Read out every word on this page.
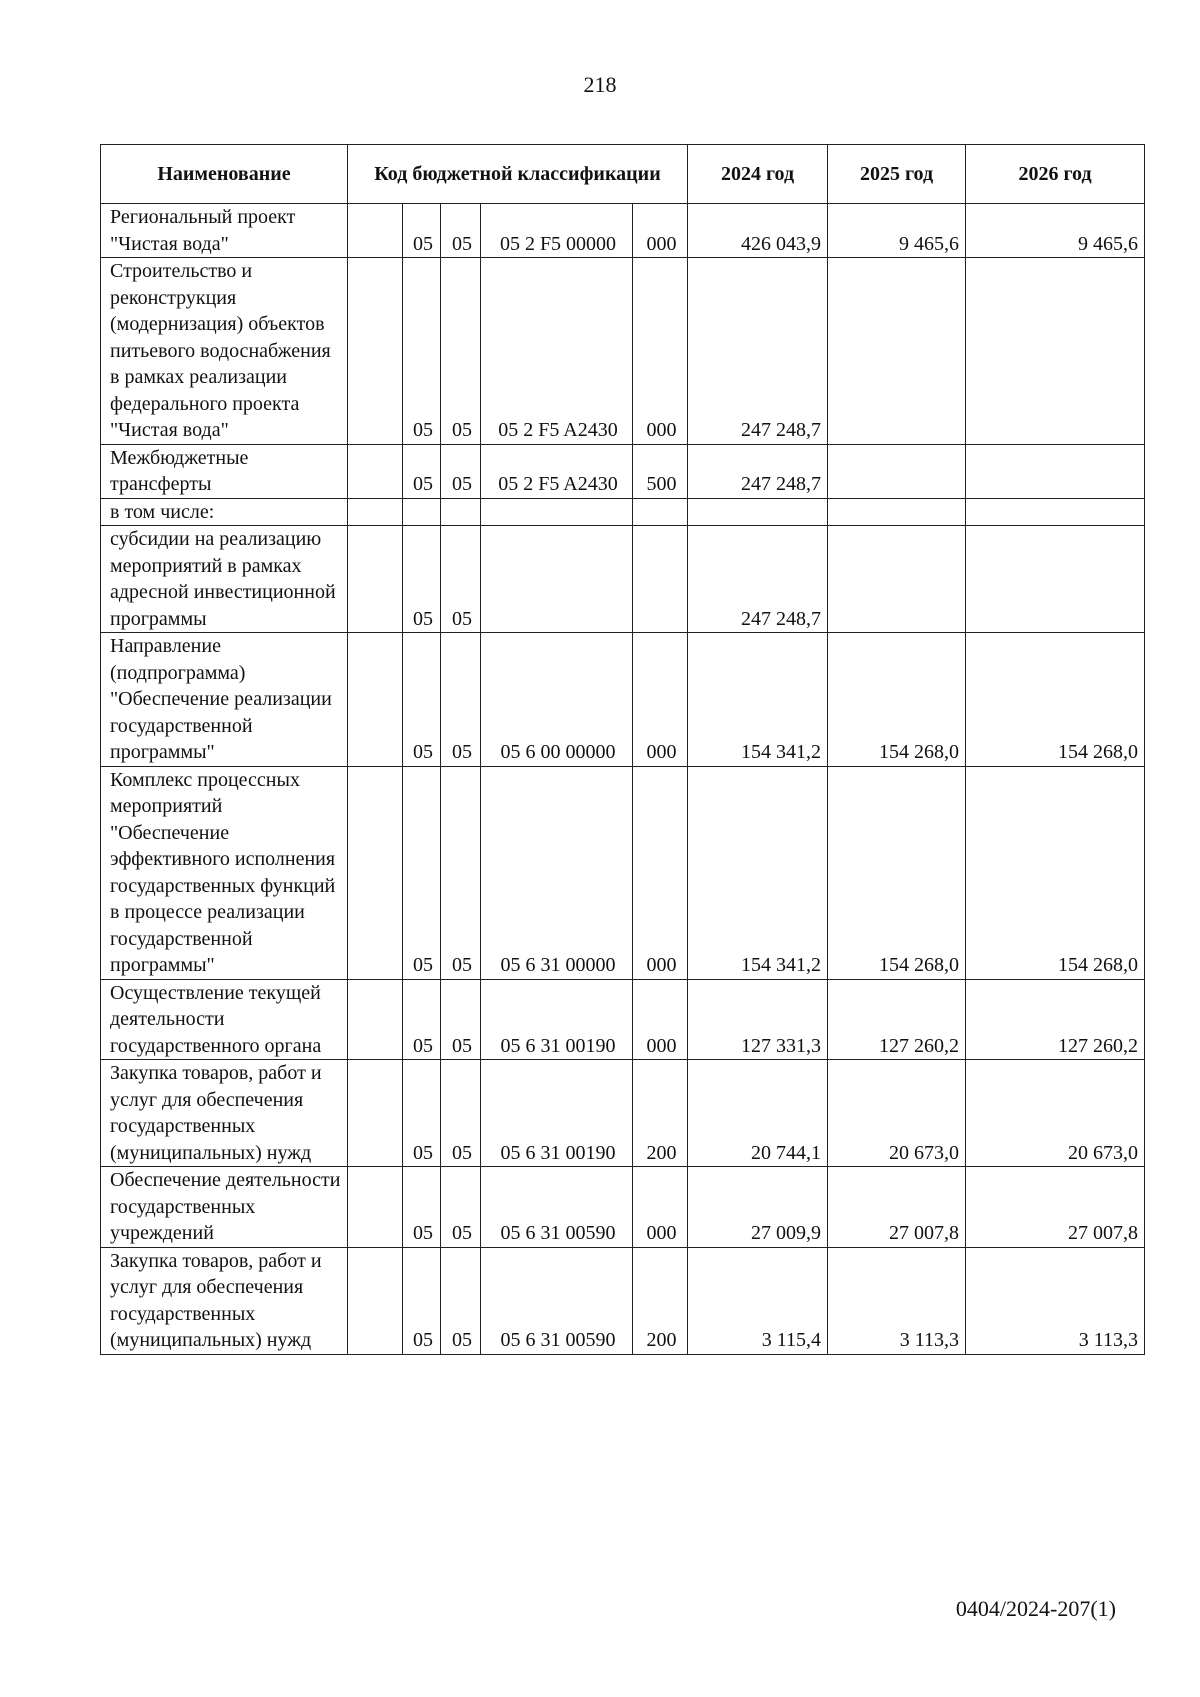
218
Наименование	Код бюджетной классификации					2024 год	2025 год	2026 год
Региональный проект "Чистая вода"		05	05	05 2 F5 00000	000	426 043,9	9 465,6	9 465,6
Строительство и реконструкция (модернизация) объектов питьевого водоснабжения в рамках реализации федерального проекта "Чистая вода"		05	05	05 2 F5 A2430	000	247 248,7		
Межбюджетные трансферты		05	05	05 2 F5 A2430	500	247 248,7		
в том числе:								
субсидии на реализацию мероприятий в рамках адресной инвестиционной программы		05	05			247 248,7		
Направление (подпрограмма) "Обеспечение реализации государственной программы"		05	05	05 6 00 00000	000	154 341,2	154 268,0	154 268,0
Комплекс процессных мероприятий "Обеспечение эффективного исполнения государственных функций в процессе реализации государственной программы"		05	05	05 6 31 00000	000	154 341,2	154 268,0	154 268,0
Осуществление текущей деятельности государственного органа		05	05	05 6 31 00190	000	127 331,3	127 260,2	127 260,2
Закупка товаров, работ и услуг для обеспечения государственных (муниципальных) нужд		05	05	05 6 31 00190	200	20 744,1	20 673,0	20 673,0
Обеспечение деятельности государственных учреждений		05	05	05 6 31 00590	000	27 009,9	27 007,8	27 007,8
Закупка товаров, работ и услуг для обеспечения государственных (муниципальных) нужд		05	05	05 6 31 00590	200	3 115,4	3 113,3	3 113,3
0404/2024-207(1)
